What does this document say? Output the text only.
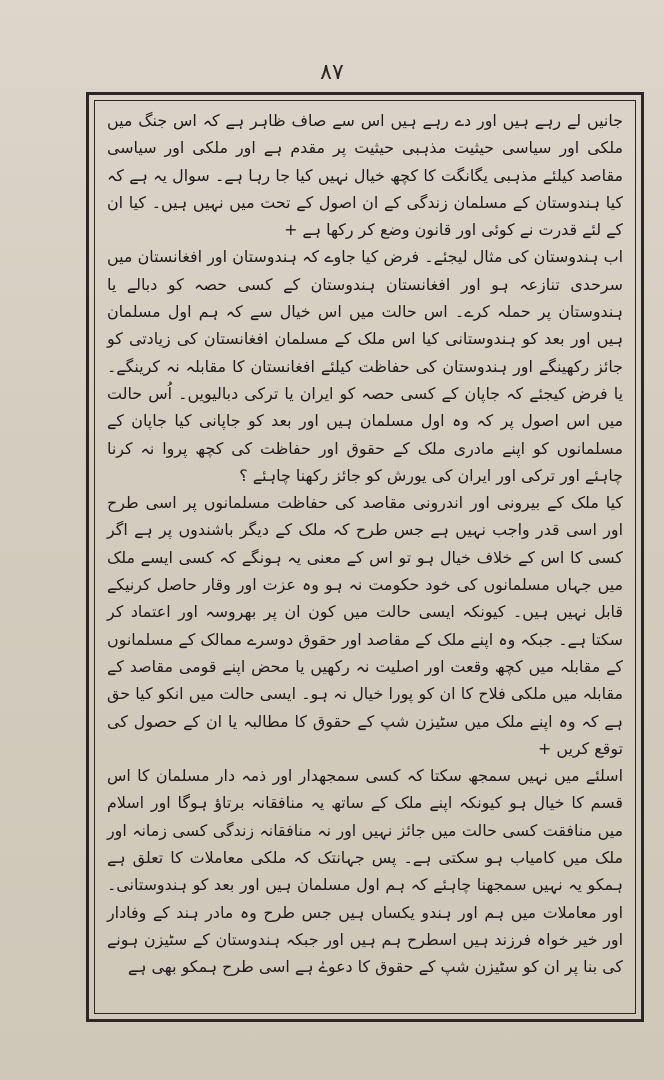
۸۷

جانیں لے رہے ہیں اور دے رہے ہیں اس سے صاف ظاہر ہے کہ اس جنگ میں ملکی اور سیاسی حیثیت مذہبی حیثیت پر مقدم ہے اور ملکی اور سیاسی مقاصد کیلئے مذہبی یگانگت کا کچھ خیال نہیں کیا جا رہا ہے۔ سوال یہ ہے کہ کیا ہندوستان کے مسلمان زندگی کے ان اصول کے تحت میں نہیں ہیں۔ کیا ان کے لئے قدرت نے کوئی اور قانون وضع کر رکھا ہے +

اب ہندوستان کی مثال لیجئے۔ فرض کیا جاوے کہ ہندوستان اور افغانستان میں سرحدی تنازعہ ہو اور افغانستان ہندوستان کے کسی حصہ کو دبالے یا ہندوستان پر حملہ کرے۔ اس حالت میں اس خیال سے کہ ہم اول مسلمان ہیں اور بعد کو ہندوستانی کیا اس ملک کے مسلمان افغانستان کی زیادتی کو جائز رکھینگے اور ہندوستان کی حفاظت کیلئے افغانستان کا مقابلہ نہ کرینگے۔ یا فرض کیجئے کہ جاپان کے کسی حصہ کو ایران یا ترکی دبالیویں۔ اُس حالت میں اس اصول پر کہ وہ اول مسلمان ہیں اور بعد کو جاپانی کیا جاپان کے مسلمانوں کو اپنے مادری ملک کے حقوق اور حفاظت کی کچھ پروا نہ کرنا چاہئے اور ترکی اور ایران کی یورش کو جائز رکھنا چاہئے ؟

کیا ملک کے بیرونی اور اندرونی مقاصد کی حفاظت مسلمانوں پر اسی طرح اور اسی قدر واجب نہیں ہے جس طرح کہ ملک کے دیگر باشندوں پر ہے اگر کسی کا اس کے خلاف خیال ہو تو اس کے معنی یہ ہونگے کہ کسی ایسے ملک میں جہاں مسلمانوں کی خود حکومت نہ ہو وہ عزت اور وقار حاصل کرنیکے قابل نہیں ہیں۔ کیونکہ ایسی حالت میں کون ان پر بھروسہ اور اعتماد کر سکتا ہے۔ جبکہ وہ اپنے ملک کے مقاصد اور حقوق دوسرے ممالک کے مسلمانوں کے مقابلہ میں کچھ وقعت اور اصلیت نہ رکھیں یا محض اپنے قومی مقاصد کے مقابلہ میں ملکی فلاح کا ان کو پورا خیال نہ ہو۔ ایسی حالت میں انکو کیا حق ہے کہ وہ اپنے ملک میں سٹیزن شپ کے حقوق کا مطالبہ یا ان کے حصول کی توقع کریں +

اسلئے میں نہیں سمجھ سکتا کہ کسی سمجھدار اور ذمہ دار مسلمان کا اس قسم کا خیال ہو کیونکہ اپنے ملک کے ساتھ یہ منافقانہ برتاؤ ہوگا اور اسلام میں منافقت کسی حالت میں جائز نہیں اور نہ منافقانہ زندگی کسی زمانہ اور ملک میں کامیاب ہو سکتی ہے۔ پس جہانتک کہ ملکی معاملات کا تعلق ہے ہمکو یہ نہیں سمجھنا چاہئے کہ ہم اول مسلمان ہیں اور بعد کو ہندوستانی۔ اور معاملات میں ہم اور ہندو یکساں ہیں جس طرح وہ مادر ہند کے وفادار اور خیر خواہ فرزند ہیں اسطرح ہم ہیں اور جبکہ ہندوستان کے سٹیزن ہونے کی بنا پر ان کو سٹیزن شپ کے حقوق کا دعوےٰ ہے اسی طرح ہمکو بھی ہے
